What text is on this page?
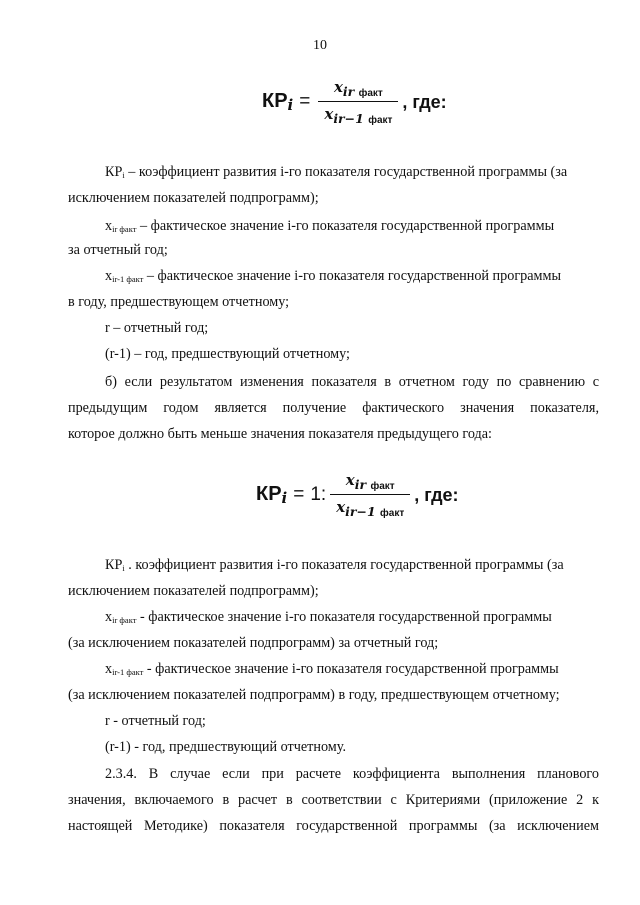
10
КРi = $\frac{x_{ir факт}}{x_{ir-1 факт}}$ , где:
$КР_i$ – коэффициент развития i-го показателя государственной программы (за
исключением показателей подпрограмм);
$x_{ir факт}$ – фактическое значение i-го показателя государственной программы
за отчетный год;
$x_{ir-1 факт}$ – фактическое значение i-го показателя государственной программы
в году, предшествующем отчетному;
r – отчетный год;
(r-1) – год, предшествующий отчетному;
б) если результатом изменения показателя в отчетном году по сравнению с
предыдущим годом является получение фактического значения показателя,
которое должно быть меньше значения показателя предыдущего года:
КРi = 1: $\frac{x_{ir факт}}{x_{ir-1 факт}}$ , где:
$КР_i$ . коэффициент развития i-го показателя государственной программы (за
исключением показателей подпрограмм);
$x_{ir факт}$ - фактическое значение i-го показателя государственной программы
(за исключением показателей подпрограмм) за отчетный год;
$x_{ir-1 факт}$ - фактическое значение i-го показателя государственной программы
(за исключением показателей подпрограмм) в году, предшествующем отчетному;
r - отчетный год;
(r-1) - год, предшествующий отчетному.
2.3.4. В случае если при расчете коэффициента выполнения планового
значения, включаемого в расчет в соответствии с Критериями (приложение 2 к
настоящей Методике) показателя государственной программы (за исключением
